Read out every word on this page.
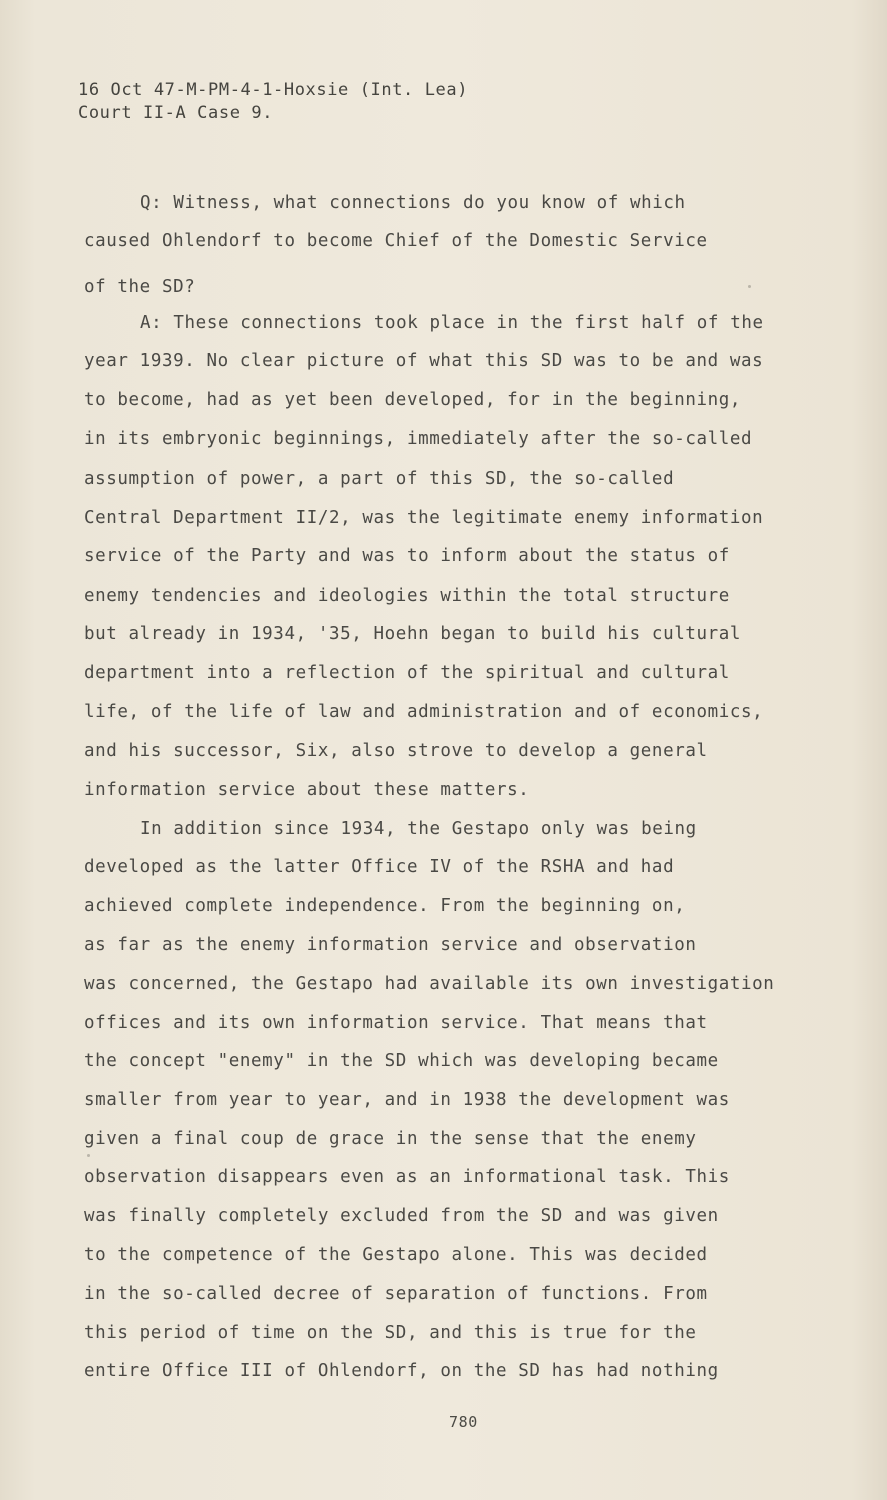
16 Oct 47-M-PM-4-1-Hoxsie (Int. Lea)
Court II-A Case 9.
Q: Witness, what connections do you know of which
caused Ohlendorf to become Chief of the Domestic Service
of the SD?
A: These connections took place in the first half of the
year 1939. No clear picture of what this SD was to be and was
to become, had as yet been developed, for in the beginning,
in its embryonic beginnings, immediately after the so-called
assumption of power, a part of this SD, the so-called
Central Department II/2, was the legitimate enemy information
service of the Party and was to inform about the status of
enemy tendencies and ideologies within the total structure
but already in 1934, '35, Hoehn began to build his cultural
department into a reflection of the spiritual and cultural
life, of the life of law and administration and of economics,
and his successor, Six, also strove to develop a general
information service about these matters.
In addition since 1934, the Gestapo only was being
developed as the latter Office IV of the RSHA and had
achieved complete independence. From the beginning on,
as far as the enemy information service and observation
was concerned, the Gestapo had available its own investigation
offices and its own information service. That means that
the concept "enemy" in the SD which was developing became
smaller from year to year, and in 1938 the development was
given a final coup de grace in the sense that the enemy
observation disappears even as an informational task. This
was finally completely excluded from the SD and was given
to the competence of the Gestapo alone. This was decided
in the so-called decree of separation of functions. From
this period of time on the SD, and this is true for the
entire Office III of Ohlendorf, on the SD has had nothing
780
